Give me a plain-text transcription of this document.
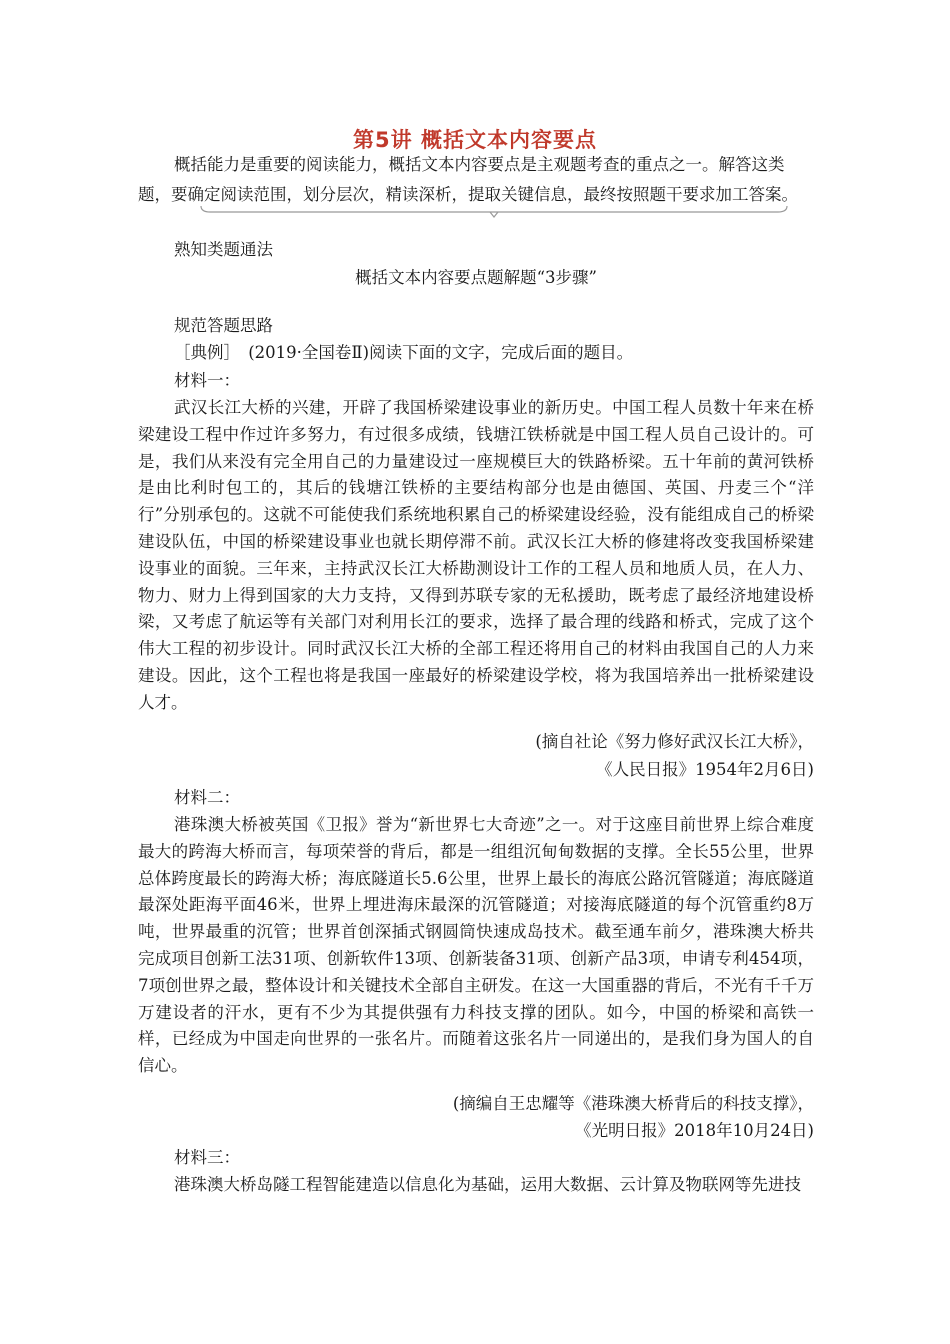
第5讲 概括文本内容要点

概括能力是重要的阅读能力，概括文本内容要点是主观题考查的重点之一。解答这类题，要确定阅读范围，划分层次，精读深析，提取关键信息，最终按照题干要求加工答案。

熟知类题通法
概括文本内容要点题解题“3步骤”
规范答题思路
［典例］　(2019·全国卷Ⅱ)阅读下面的文字，完成后面的题目。
材料一：

武汉长江大桥的兴建，开辟了我国桥梁建设事业的新历史。中国工程人员数十年来在桥梁建设工程中作过许多努力，有过很多成绩，钱塘江铁桥就是中国工程人员自己设计的。可是，我们从来没有完全用自己的力量建设过一座规模巨大的铁路桥梁。五十年前的黄河铁桥是由比利时包工的，其后的钱塘江铁桥的主要结构部分也是由德国、英国、丹麦三个“洋行”分别承包的。这就不可能使我们系统地积累自己的桥梁建设经验，没有能组成自己的桥梁建设队伍，中国的桥梁建设事业也就长期停滞不前。武汉长江大桥的修建将改变我国桥梁建设事业的面貌。三年来，主持武汉长江大桥勘测设计工作的工程人员和地质人员，在人力、物力、财力上得到国家的大力支持，又得到苏联专家的无私援助，既考虑了最经济地建设桥梁，又考虑了航运等有关部门对利用长江的要求，选择了最合理的线路和桥式，完成了这个伟大工程的初步设计。同时武汉长江大桥的全部工程还将用自己的材料由我国自己的人力来建设。因此，这个工程也将是我国一座最好的桥梁建设学校，将为我国培养出一批桥梁建设人才。

(摘自社论《努力修好武汉长江大桥》，
《人民日报》1954年2月6日)
材料二：

港珠澳大桥被英国《卫报》誉为“新世界七大奇迹”之一。对于这座目前世界上综合难度最大的跨海大桥而言，每项荣誉的背后，都是一组组沉甸甸数据的支撑。全长55公里，世界总体跨度最长的跨海大桥；海底隧道长5.6公里，世界上最长的海底公路沉管隧道；海底隧道最深处距海平面46米，世界上埋进海床最深的沉管隧道；对接海底隧道的每个沉管重约8万吨，世界最重的沉管；世界首创深插式钢圆筒快速成岛技术。截至通车前夕，港珠澳大桥共完成项目创新工法31项、创新软件13项、创新装备31项、创新产品3项，申请专利454项，7项创世界之最，整体设计和关键技术全部自主研发。在这一大国重器的背后，不光有千千万万建设者的汗水，更有不少为其提供强有力科技支撑的团队。如今，中国的桥梁和高铁一样，已经成为中国走向世界的一张名片。而随着这张名片一同递出的，是我们身为国人的自信心。

(摘编自王忠耀等《港珠澳大桥背后的科技支撑》，
《光明日报》2018年10月24日)
材料三：

港珠澳大桥岛隧工程智能建造以信息化为基础，运用大数据、云计算及物联网等先进技
